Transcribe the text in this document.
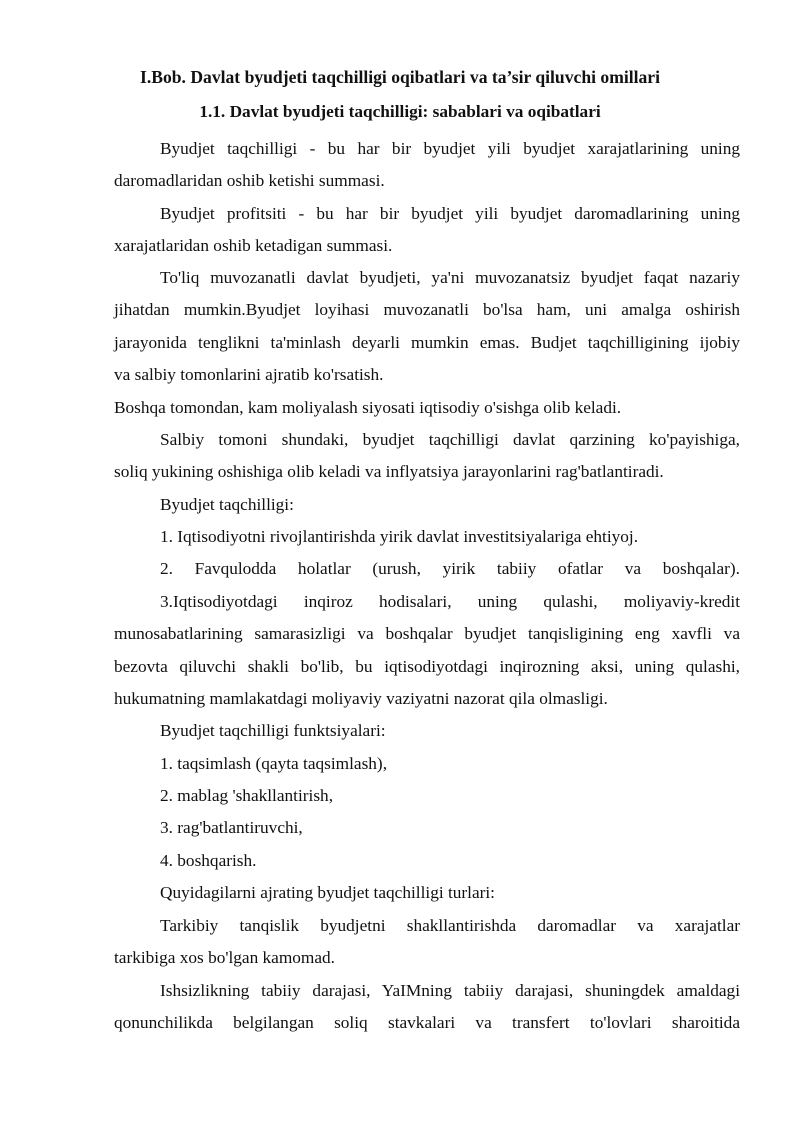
I.Bob. Davlat byudjeti taqchilligi oqibatlari va ta’sir qiluvchi omillari
1.1. Davlat byudjeti taqchilligi: sabablari va oqibatlari
Byudjet taqchilligi - bu har bir byudjet yili byudjet xarajatlarining uning
daromadlaridan oshib ketishi summasi.
Byudjet profitsiti - bu har bir byudjet yili byudjet daromadlarining uning
xarajatlaridan oshib ketadigan summasi.
To'liq muvozanatli davlat byudjeti, ya'ni muvozanatsiz byudjet faqat nazariy
jihatdan mumkin.Byudjet loyihasi muvozanatli bo'lsa ham, uni amalga oshirish
jarayonida tenglikni ta'minlash deyarli mumkin emas. Budjet taqchilligining ijobiy
va salbiy tomonlarini ajratib ko'rsatish.
Boshqa tomondan, kam moliyalash siyosati iqtisodiy o'sishga olib keladi.
Salbiy tomoni shundaki, byudjet taqchilligi davlat qarzining ko'payishiga,
soliq yukining oshishiga olib keladi va inflyatsiya jarayonlarini rag'batlantiradi.
Byudjet taqchilligi:
1. Iqtisodiyotni rivojlantirishda yirik davlat investitsiyalariga ehtiyoj.
2. Favqulodda holatlar (urush, yirik tabiiy ofatlar va boshqalar).
3.Iqtisodiyotdagi inqiroz hodisalari, uning qulashi, moliyaviy-kredit
munosabatlarining samarasizligi va boshqalar byudjet tanqisligining eng xavfli va
bezovta qiluvchi shakli bo'lib, bu iqtisodiyotdagi inqirozning aksi, uning qulashi,
hukumatning mamlakatdagi moliyaviy vaziyatni nazorat qila olmasligi.
Byudjet taqchilligi funktsiyalari:
1. taqsimlash (qayta taqsimlash),
2. mablag 'shakllantirish,
3. rag'batlantiruvchi,
4. boshqarish.
Quyidagilarni ajrating byudjet taqchilligi turlari:
Tarkibiy tanqislik byudjetni shakllantirishda daromadlar va xarajatlar
tarkibiga xos bo'lgan kamomad.
Ishsizlikning tabiiy darajasi, YaIMning tabiiy darajasi, shuningdek amaldagi
qonunchilikda belgilangan soliq stavkalari va transfert to'lovlari sharoitida
